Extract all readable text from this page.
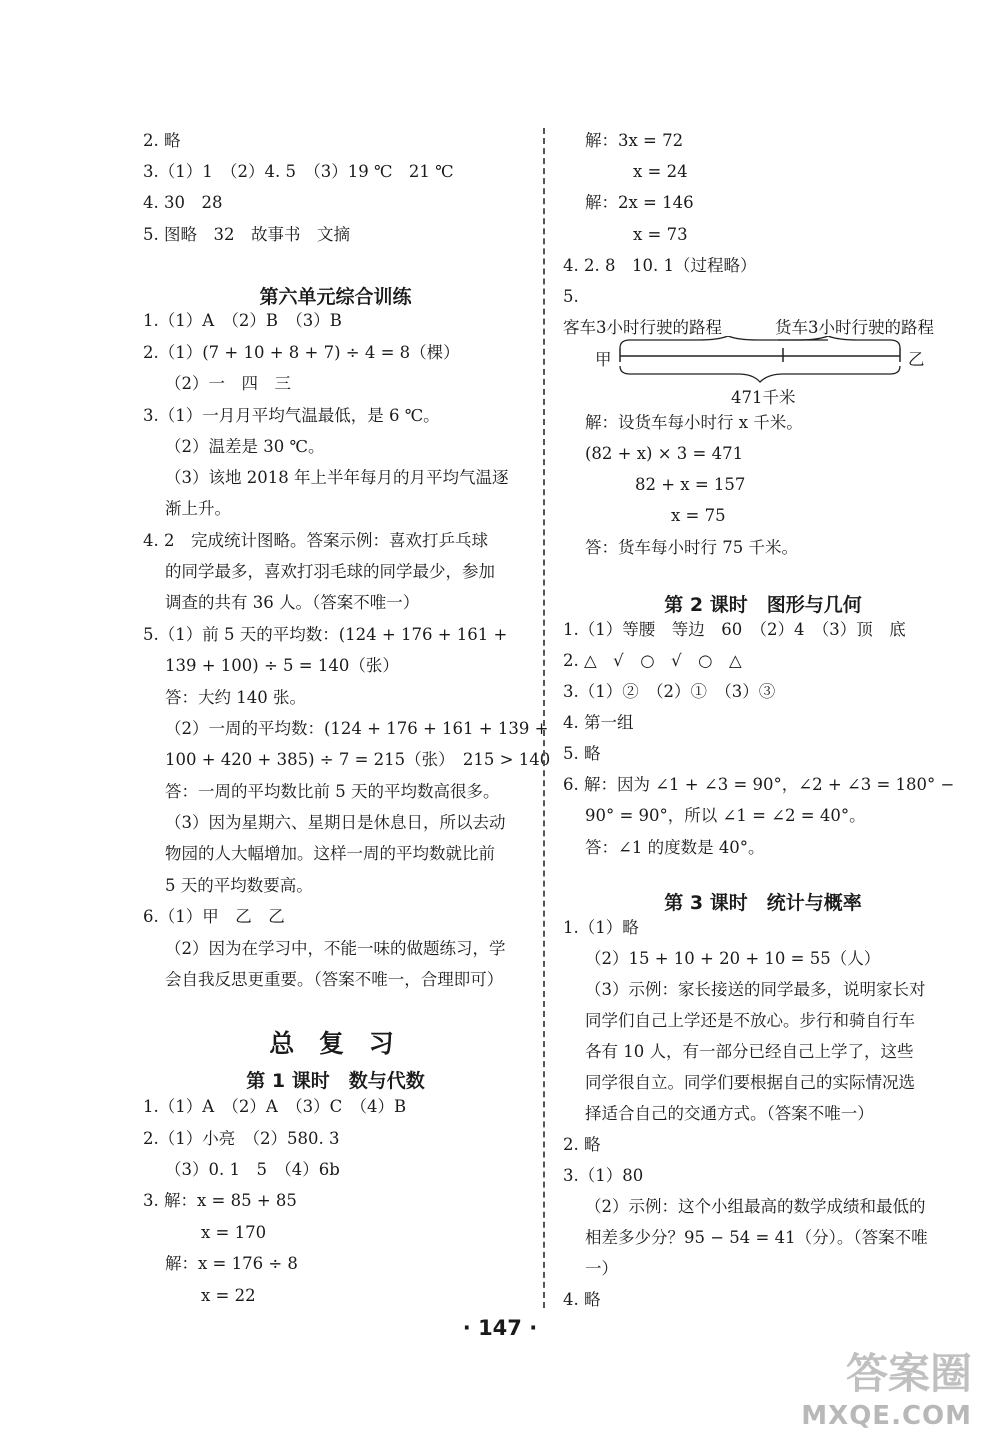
2. 略
3.（1）1　（2）4. 5　（3）19 ℃　21 ℃
4. 30　28
5. 图略　32　故事书　文摘
第六单元综合训练
1.（1）A　（2）B　（3）B
2.（1）(7 + 10 + 8 + 7) ÷ 4 = 8（棵）
（2）一　四　三
3.（1）一月月平均气温最低，是 6 ℃。
（2）温差是 30 ℃。
（3）该地 2018 年上半年每月的月平均气温逐
渐上升。
4. 2　完成统计图略。答案示例：喜欢打乒乓球
的同学最多，喜欢打羽毛球的同学最少，参加
调查的共有 36 人。（答案不唯一）
5.（1）前 5 天的平均数：(124 + 176 + 161 +
139 + 100) ÷ 5 = 140（张）
答：大约 140 张。
（2）一周的平均数：(124 + 176 + 161 + 139 +
100 + 420 + 385) ÷ 7 = 215（张）　215 > 140
答：一周的平均数比前 5 天的平均数高很多。
（3）因为星期六、星期日是休息日，所以去动
物园的人大幅增加。这样一周的平均数就比前
5 天的平均数要高。
6.（1）甲　乙　乙
（2）因为在学习中，不能一味的做题练习，学
会自我反思更重要。（答案不唯一，合理即可）
总 复 习
第 1 课时　数与代数
1.（1）A　（2）A　（3）C　（4）B
2.（1）小亮　（2）580. 3
（3）0. 1　5　（4）6b
3. 解：x = 85 + 85
x = 170
解：x = 176 ÷ 8
x = 22
解：3x = 72
x = 24
解：2x = 146
x = 73
4. 2. 8　10. 1（过程略）
5.
客车3小时行驶的路程	货车3小时行驶的路程
甲	乙
471千米
解：设货车每小时行 x 千米。
(82 + x) × 3 = 471
82 + x = 157
x = 75
答：货车每小时行 75 千米。
第 2 课时　图形与几何
1.（1）等腰　等边　60　（2）4　（3）顶　底
2. △　√　○　√　○　△
3.（1）②　（2）①　（3）③
4. 第一组
5. 略
6. 解：因为 ∠1 + ∠3 = 90°，∠2 + ∠3 = 180° −
90° = 90°，所以 ∠1 = ∠2 = 40°。
答：∠1 的度数是 40°。
第 3 课时　统计与概率
1.（1）略
（2）15 + 10 + 20 + 10 = 55（人）
（3）示例：家长接送的同学最多，说明家长对
同学们自己上学还是不放心。步行和骑自行车
各有 10 人，有一部分已经自己上学了，这些
同学很自立。同学们要根据自己的实际情况选
择适合自己的交通方式。（答案不唯一）
2. 略
3.（1）80
（2）示例：这个小组最高的数学成绩和最低的
相差多少分？95 − 54 = 41（分）。（答案不唯
一）
4. 略
· 147 ·
答案圈
MXQE.COM
